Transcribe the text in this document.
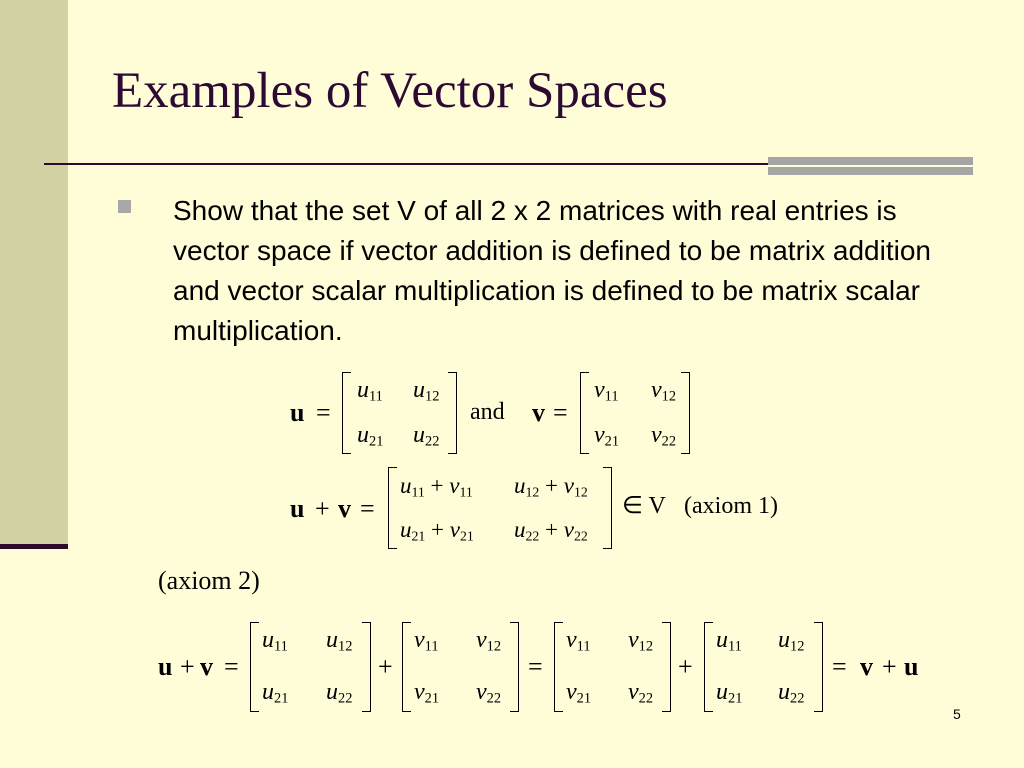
Examples of Vector Spaces
Show that the set V of all 2 x 2 matrices with real entries is vector space if vector addition is defined to be matrix addition and vector scalar multiplication is defined to be matrix scalar multiplication.
u =
$u_{11}$ $u_{12}$
$u_{21}$ $u_{22}$
and v =
$v_{11}$ $v_{12}$
$v_{21}$ $v_{22}$
u + v =
$u_{11} + v_{11}$ $u_{12} + v_{12}$
$u_{21} + v_{21}$ $u_{22} + v_{22}$
∈ V (axiom 1)
(axiom 2)
u + v =
$u_{11}$ $u_{12}$
$u_{21}$ $u_{22}$
+
$v_{11}$ $v_{12}$
$v_{21}$ $v_{22}$
=
$v_{11}$ $v_{12}$
$v_{21}$ $v_{22}$
+
$u_{11}$ $u_{12}$
$u_{21}$ $u_{22}$
= v + u
5
